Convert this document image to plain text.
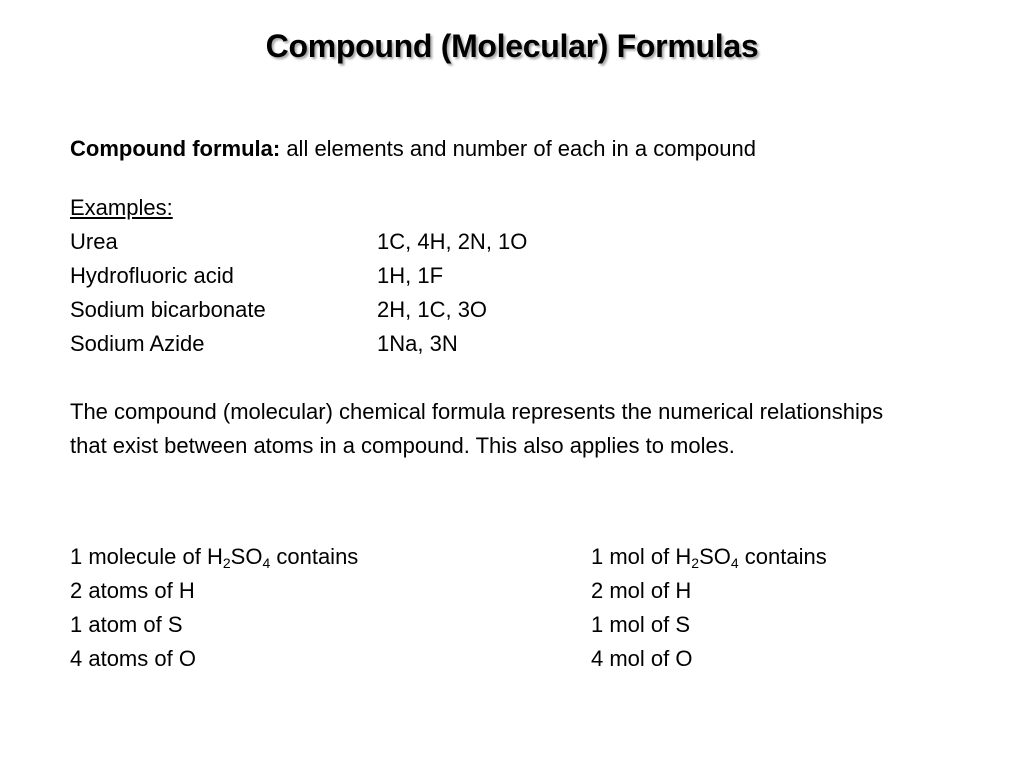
Compound (Molecular) Formulas
Compound formula: all elements and number of each in a compound
Examples:
Urea	1C, 4H, 2N, 1O
Hydrofluoric acid	1H, 1F
Sodium bicarbonate	2H, 1C, 3O
Sodium Azide	1Na, 3N
The compound (molecular) chemical formula represents the numerical relationships that exist between atoms in a compound. This also applies to moles.
1 molecule of $H_2SO_4$ contains
2 atoms of H
1 atom of S
4 atoms of O
1 mol of $H_2SO_4$ contains
2 mol of H
1 mol of S
4 mol of O
